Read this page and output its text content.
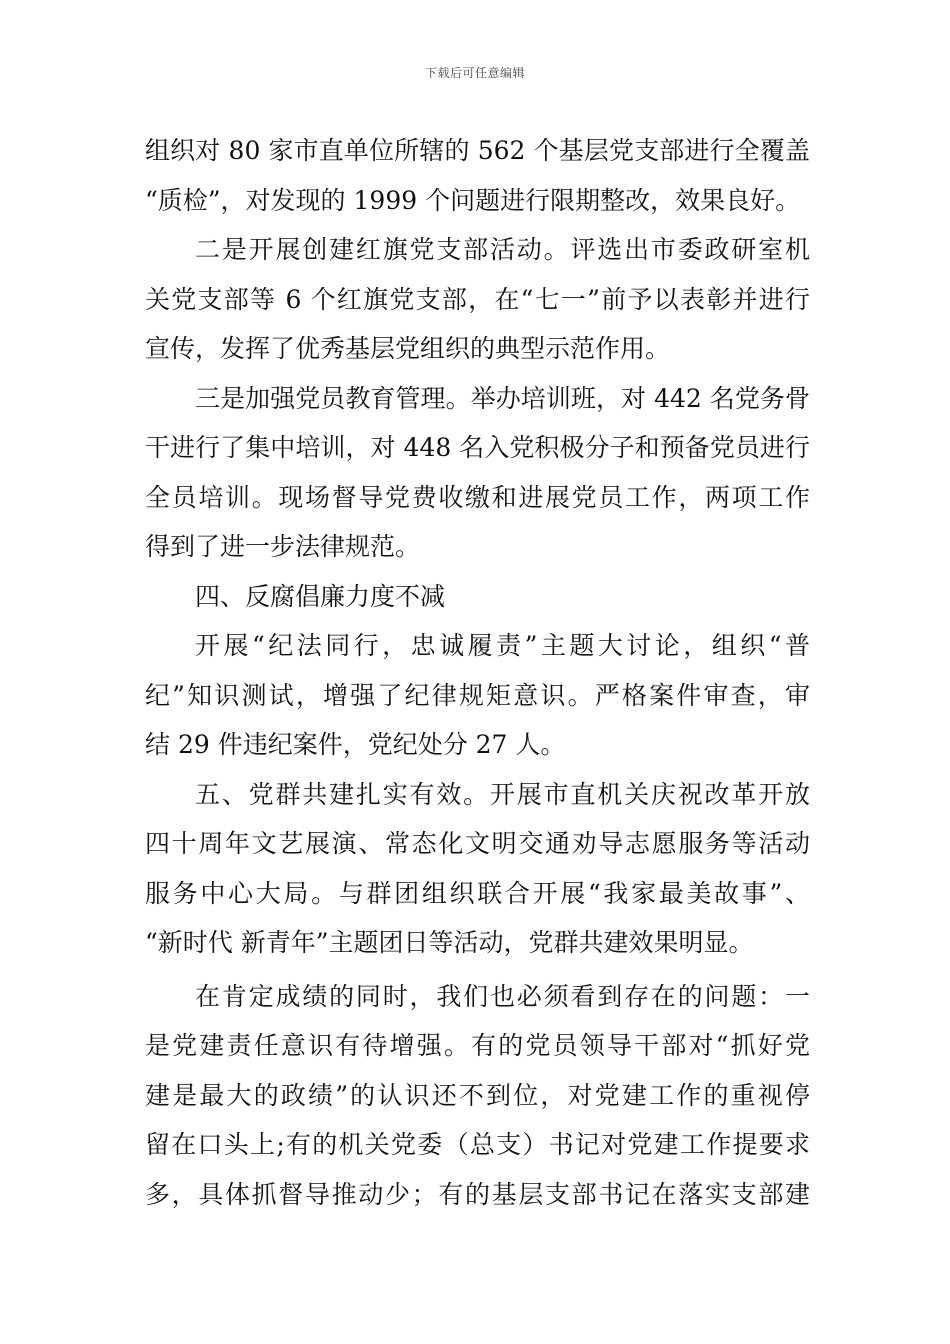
下载后可任意编辑
组织对 80 家市直单位所辖的 562 个基层党支部进行全覆盖
“质检”，对发现的 1999 个问题进行限期整改，效果良好。
二是开展创建红旗党支部活动。评选出市委政研室机
关党支部等 6 个红旗党支部，在“七一”前予以表彰并进行
宣传，发挥了优秀基层党组织的典型示范作用。
三是加强党员教育管理。举办培训班，对 442 名党务骨
干进行了集中培训，对 448 名入党积极分子和预备党员进行
全员培训。现场督导党费收缴和进展党员工作，两项工作
得到了进一步法律规范。
四、反腐倡廉力度不减
开展“纪法同行，忠诚履责”主题大讨论，组织“普
纪”知识测试，增强了纪律规矩意识。严格案件审查，审
结 29 件违纪案件，党纪处分 27 人。
五、党群共建扎实有效。开展市直机关庆祝改革开放
四十周年文艺展演、常态化文明交通劝导志愿服务等活动
服务中心大局。与群团组织联合开展“我家最美故事”、
“新时代 新青年”主题团日等活动，党群共建效果明显。
在肯定成绩的同时，我们也必须看到存在的问题：一
是党建责任意识有待增强。有的党员领导干部对“抓好党
建是最大的政绩”的认识还不到位，对党建工作的重视停
留在口头上;有的机关党委（总支）书记对党建工作提要求
多，具体抓督导推动少；有的基层支部书记在落实支部建
